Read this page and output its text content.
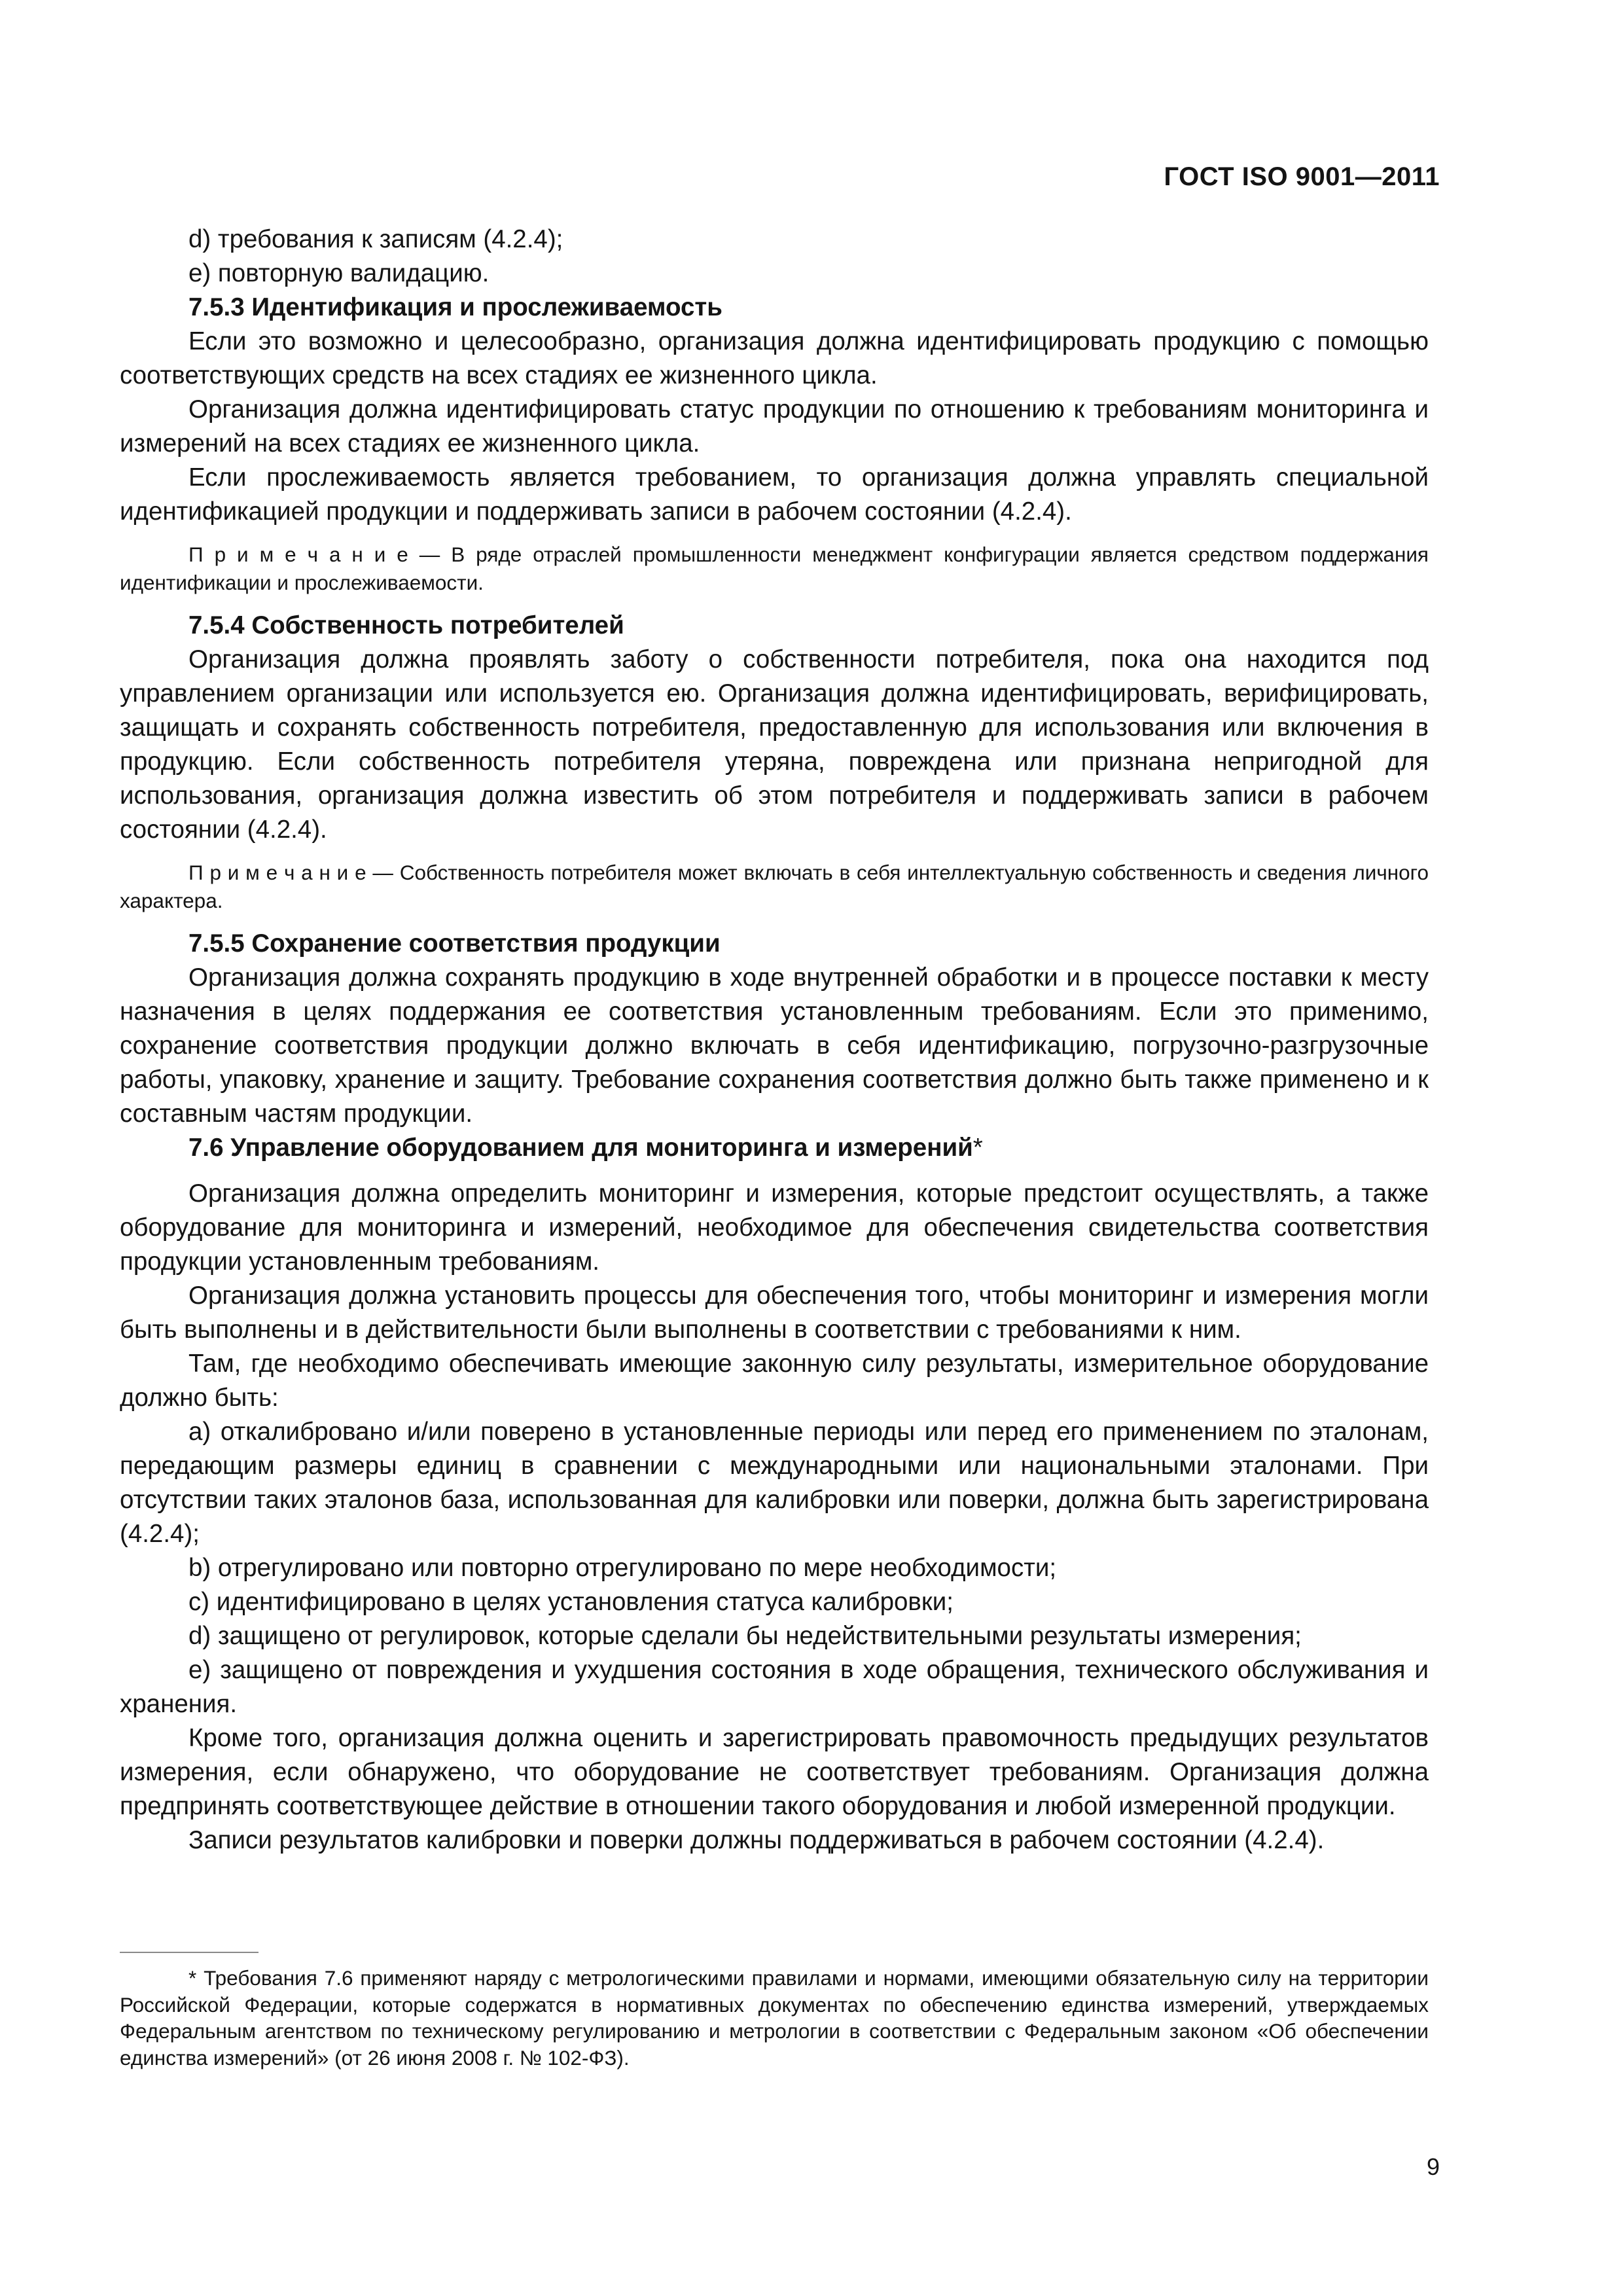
ГОСТ ISO 9001—2011

d) требования к записям (4.2.4);

e) повторную валидацию.

7.5.3 Идентификация и прослеживаемость

Если это возможно и целесообразно, организация должна идентифицировать продукцию с помощью соответствующих средств на всех стадиях ее жизненного цикла.

Организация должна идентифицировать статус продукции по отношению к требованиям мониторинга и измерений на всех стадиях ее жизненного цикла.

Если прослеживаемость является требованием, то организация должна управлять специальной идентификацией продукции и поддерживать записи в рабочем состоянии (4.2.4).

П р и м е ч а н и е — В ряде отраслей промышленности менеджмент конфигурации является средством поддержания идентификации и прослеживаемости.

7.5.4 Собственность потребителей

Организация должна проявлять заботу о собственности потребителя, пока она находится под управлением организации или используется ею. Организация должна идентифицировать, верифицировать, защищать и сохранять собственность потребителя, предоставленную для использования или включения в продукцию. Если собственность потребителя утеряна, повреждена или признана непригодной для использования, организация должна известить об этом потребителя и поддерживать записи в рабочем состоянии (4.2.4).

П р и м е ч а н и е — Собственность потребителя может включать в себя интеллектуальную собственность и сведения личного характера.

7.5.5 Сохранение соответствия продукции

Организация должна сохранять продукцию в ходе внутренней обработки и в процессе поставки к месту назначения в целях поддержания ее соответствия установленным требованиям. Если это применимо, сохранение соответствия продукции должно включать в себя идентификацию, погрузочно-разгрузочные работы, упаковку, хранение и защиту. Требование сохранения соответствия должно быть также применено и к составным частям продукции.

7.6 Управление оборудованием для мониторинга и измерений*

Организация должна определить мониторинг и измерения, которые предстоит осуществлять, а также оборудование для мониторинга и измерений, необходимое для обеспечения свидетельства соответствия продукции установленным требованиям.

Организация должна установить процессы для обеспечения того, чтобы мониторинг и измерения могли быть выполнены и в действительности были выполнены в соответствии с требованиями к ним.

Там, где необходимо обеспечивать имеющие законную силу результаты, измерительное оборудование должно быть:

a) откалибровано и/или поверено в установленные периоды или перед его применением по эталонам, передающим размеры единиц в сравнении с международными или национальными эталонами. При отсутствии таких эталонов база, использованная для калибровки или поверки, должна быть зарегистрирована (4.2.4);

b) отрегулировано или повторно отрегулировано по мере необходимости;

c) идентифицировано в целях установления статуса калибровки;

d) защищено от регулировок, которые сделали бы недействительными результаты измерения;

e) защищено от повреждения и ухудшения состояния в ходе обращения, технического обслуживания и хранения.

Кроме того, организация должна оценить и зарегистрировать правомочность предыдущих результатов измерения, если обнаружено, что оборудование не соответствует требованиям. Организация должна предпринять соответствующее действие в отношении такого оборудования и любой измеренной продукции.

Записи результатов калибровки и поверки должны поддерживаться в рабочем состоянии (4.2.4).

* Требования 7.6 применяют наряду с метрологическими правилами и нормами, имеющими обязательную силу на территории Российской Федерации, которые содержатся в нормативных документах по обеспечению единства измерений, утверждаемых Федеральным агентством по техническому регулированию и метрологии в соответствии с Федеральным законом «Об обеспечении единства измерений» (от 26 июня 2008 г. № 102-ФЗ).

9
